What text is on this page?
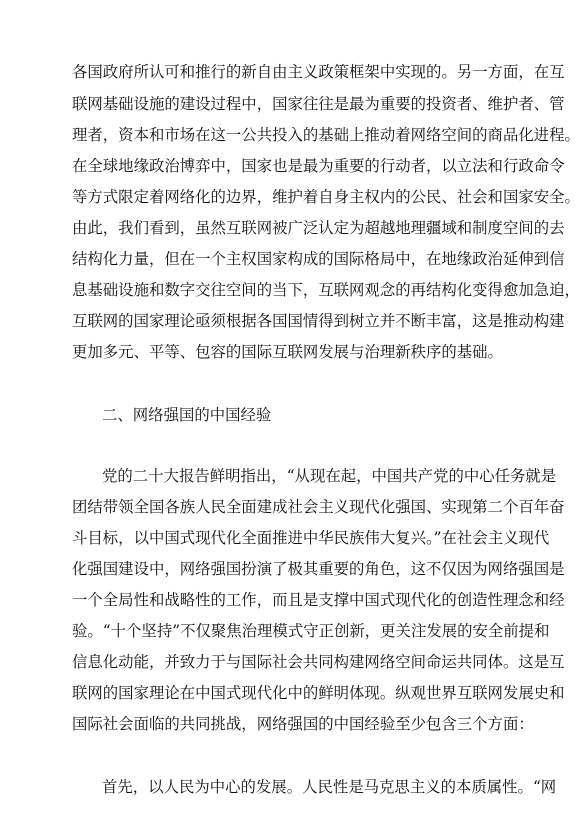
各国政府所认可和推行的新自由主义政策框架中实现的。另一方面，在互
联网基础设施的建设过程中，国家往往是最为重要的投资者、维护者、管
理者，资本和市场在这一公共投入的基础上推动着网络空间的商品化进程。
在全球地缘政治博弈中，国家也是最为重要的行动者，以立法和行政命令
等方式限定着网络化的边界，维护着自身主权内的公民、社会和国家安全。
由此，我们看到，虽然互联网被广泛认定为超越地理疆域和制度空间的去
结构化力量，但在一个主权国家构成的国际格局中，在地缘政治延伸到信
息基础设施和数字交往空间的当下，互联网观念的再结构化变得愈加急迫，
互联网的国家理论亟须根据各国国情得到树立并不断丰富，这是推动构建
更加多元、平等、包容的国际互联网发展与治理新秩序的基础。
二、网络强国的中国经验
党的二十大报告鲜明指出，“从现在起，中国共产党的中心任务就是
团结带领全国各族人民全面建成社会主义现代化强国、实现第二个百年奋
斗目标，以中国式现代化全面推进中华民族伟大复兴。”在社会主义现代
化强国建设中，网络强国扮演了极其重要的角色，这不仅因为网络强国是
一个全局性和战略性的工作，而且是支撑中国式现代化的创造性理念和经
验。“十个坚持”不仅聚焦治理模式守正创新，更关注发展的安全前提和
信息化动能，并致力于与国际社会共同构建网络空间命运共同体。这是互
联网的国家理论在中国式现代化中的鲜明体现。纵观世界互联网发展史和
国际社会面临的共同挑战，网络强国的中国经验至少包含三个方面：
首先，以人民为中心的发展。人民性是马克思主义的本质属性。“网
